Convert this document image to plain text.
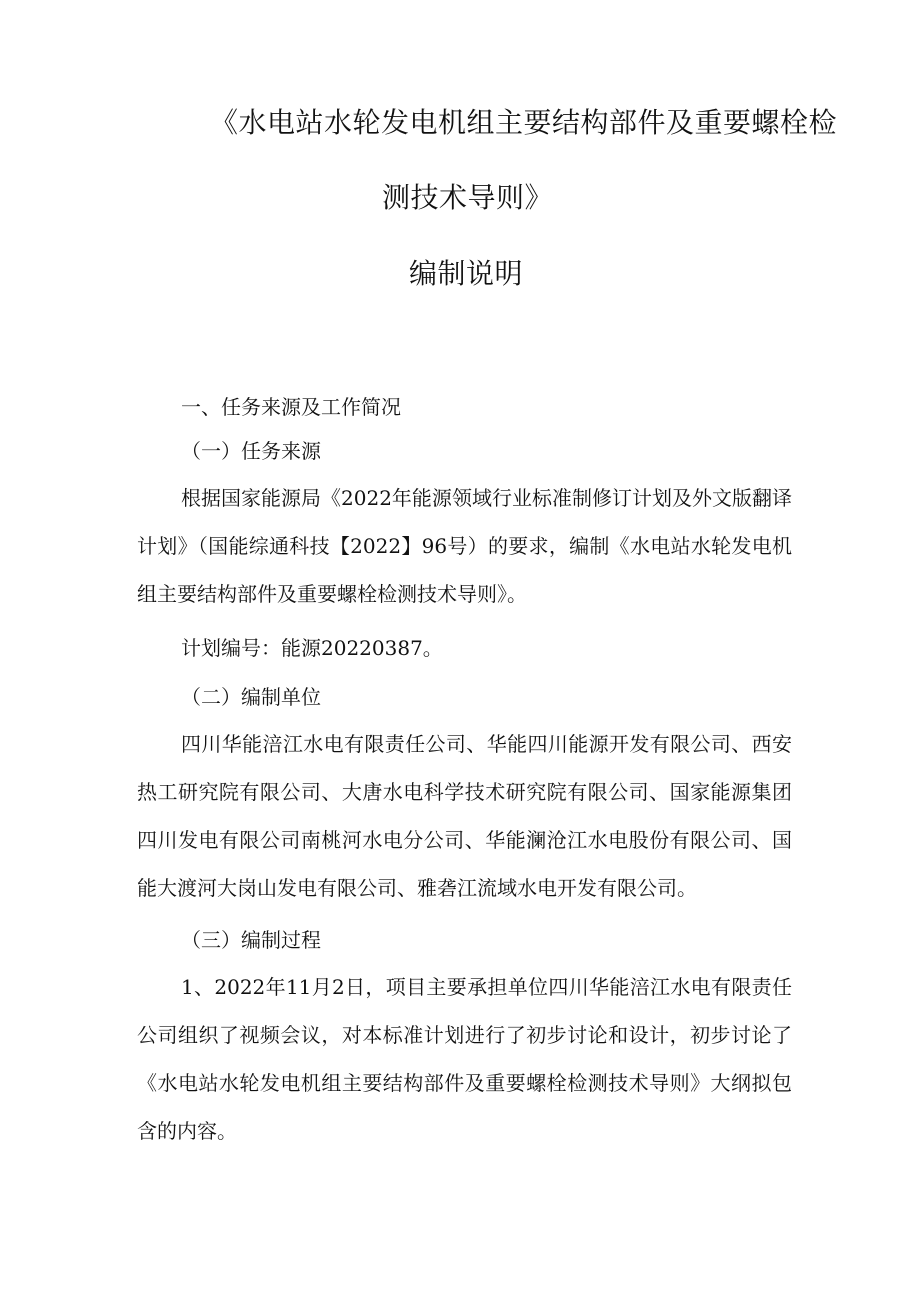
《水电站水轮发电机组主要结构部件及重要螺栓检
测技术导则》
编制说明

一、任务来源及工作简况

（一）任务来源

根据国家能源局《2022年能源领域行业标准制修订计划及外文版翻译计划》（国能综通科技【2022】96号）的要求，编制《水电站水轮发电机组主要结构部件及重要螺栓检测技术导则》。

计划编号：能源20220387。

（二）编制单位

四川华能涪江水电有限责任公司、华能四川能源开发有限公司、西安热工研究院有限公司、大唐水电科学技术研究院有限公司、国家能源集团四川发电有限公司南桃河水电分公司、华能澜沧江水电股份有限公司、国能大渡河大岗山发电有限公司、雅砻江流域水电开发有限公司。

（三）编制过程

1、2022年11月2日，项目主要承担单位四川华能涪江水电有限责任公司组织了视频会议，对本标准计划进行了初步讨论和设计，初步讨论了《水电站水轮发电机组主要结构部件及重要螺栓检测技术导则》大纲拟包含的内容。
